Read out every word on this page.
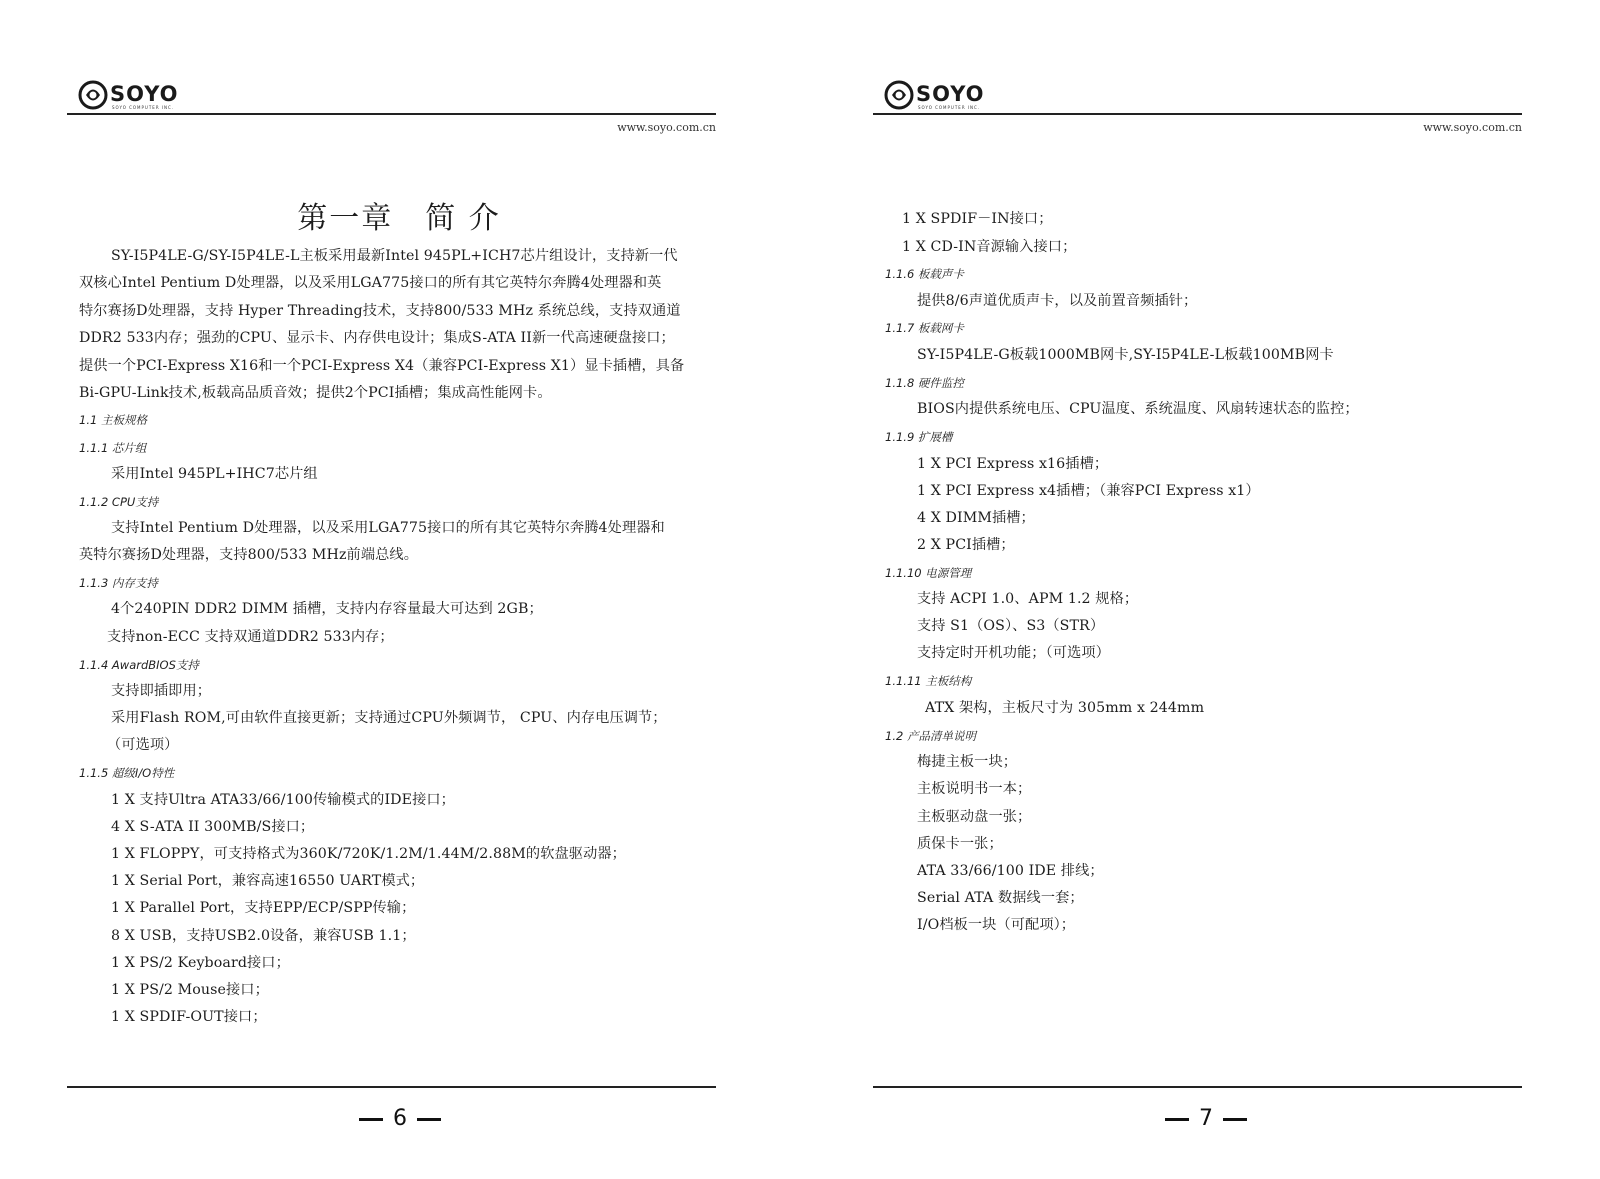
SOYO
SOYO COMPUTER INC.
www.soyo.com.cn
第一章　简 介
SY-I5P4LE-G/SY-I5P4LE-L主板采用最新Intel 945PL+ICH7芯片组设计，支持新一代
双核心Intel Pentium D处理器，以及采用LGA775接口的所有其它英特尔奔腾4处理器和英
特尔赛扬D处理器，支持 Hyper Threading技术，支持800/533 MHz 系统总线，支持双通道
DDR2 533内存；强劲的CPU、显示卡、内存供电设计；集成S-ATA II新一代高速硬盘接口；
提供一个PCI-Express X16和一个PCI-Express X4（兼容PCI-Express X1）显卡插槽，具备
Bi-GPU-Link技术,板载高品质音效；提供2个PCI插槽；集成高性能网卡。
1.1 主板规格
1.1.1 芯片组
采用Intel 945PL+IHC7芯片组
1.1.2 CPU支持
支持Intel Pentium D处理器，以及采用LGA775接口的所有其它英特尔奔腾4处理器和
英特尔赛扬D处理器，支持800/533 MHz前端总线。
1.1.3 内存支持
4个240PIN DDR2 DIMM 插槽，支持内存容量最大可达到 2GB；
支持non-ECC 支持双通道DDR2 533内存；
1.1.4 AwardBIOS支持
支持即插即用；
采用Flash ROM,可由软件直接更新；支持通过CPU外频调节， CPU、内存电压调节；
（可选项）
1.1.5 超级I/O特性
1 X 支持Ultra ATA33/66/100传输模式的IDE接口；
4 X S-ATA II 300MB/S接口；
1 X FLOPPY，可支持格式为360K/720K/1.2M/1.44M/2.88M的软盘驱动器；
1 X Serial Port，兼容高速16550 UART模式；
1 X Parallel Port，支持EPP/ECP/SPP传输；
8 X USB，支持USB2.0设备，兼容USB 1.1；
1 X PS/2 Keyboard接口；
1 X PS/2 Mouse接口；
1 X SPDIF-OUT接口；
6
SOYO
SOYO COMPUTER INC.
www.soyo.com.cn
1 X SPDIF－IN接口；
1 X CD-IN音源输入接口；
1.1.6 板载声卡
提供8/6声道优质声卡，以及前置音频插针；
1.1.7 板载网卡
SY-I5P4LE-G板载1000MB网卡,SY-I5P4LE-L板载100MB网卡
1.1.8 硬件监控
BIOS内提供系统电压、CPU温度、系统温度、风扇转速状态的监控；
1.1.9 扩展槽
1 X PCI Express x16插槽；
1 X PCI Express x4插槽；（兼容PCI Express x1）
4 X DIMM插槽；
2 X PCI插槽；
1.1.10 电源管理
支持 ACPI 1.0、APM 1.2 规格；
支持 S1（OS）、S3（STR）
支持定时开机功能；（可选项）
1.1.11 主板结构
ATX 架构，主板尺寸为 305mm x 244mm
1.2 产品清单说明
梅捷主板一块；
主板说明书一本；
主板驱动盘一张；
质保卡一张；
ATA 33/66/100 IDE 排线；
Serial ATA 数据线一套；
I/O档板一块（可配项）；
7
